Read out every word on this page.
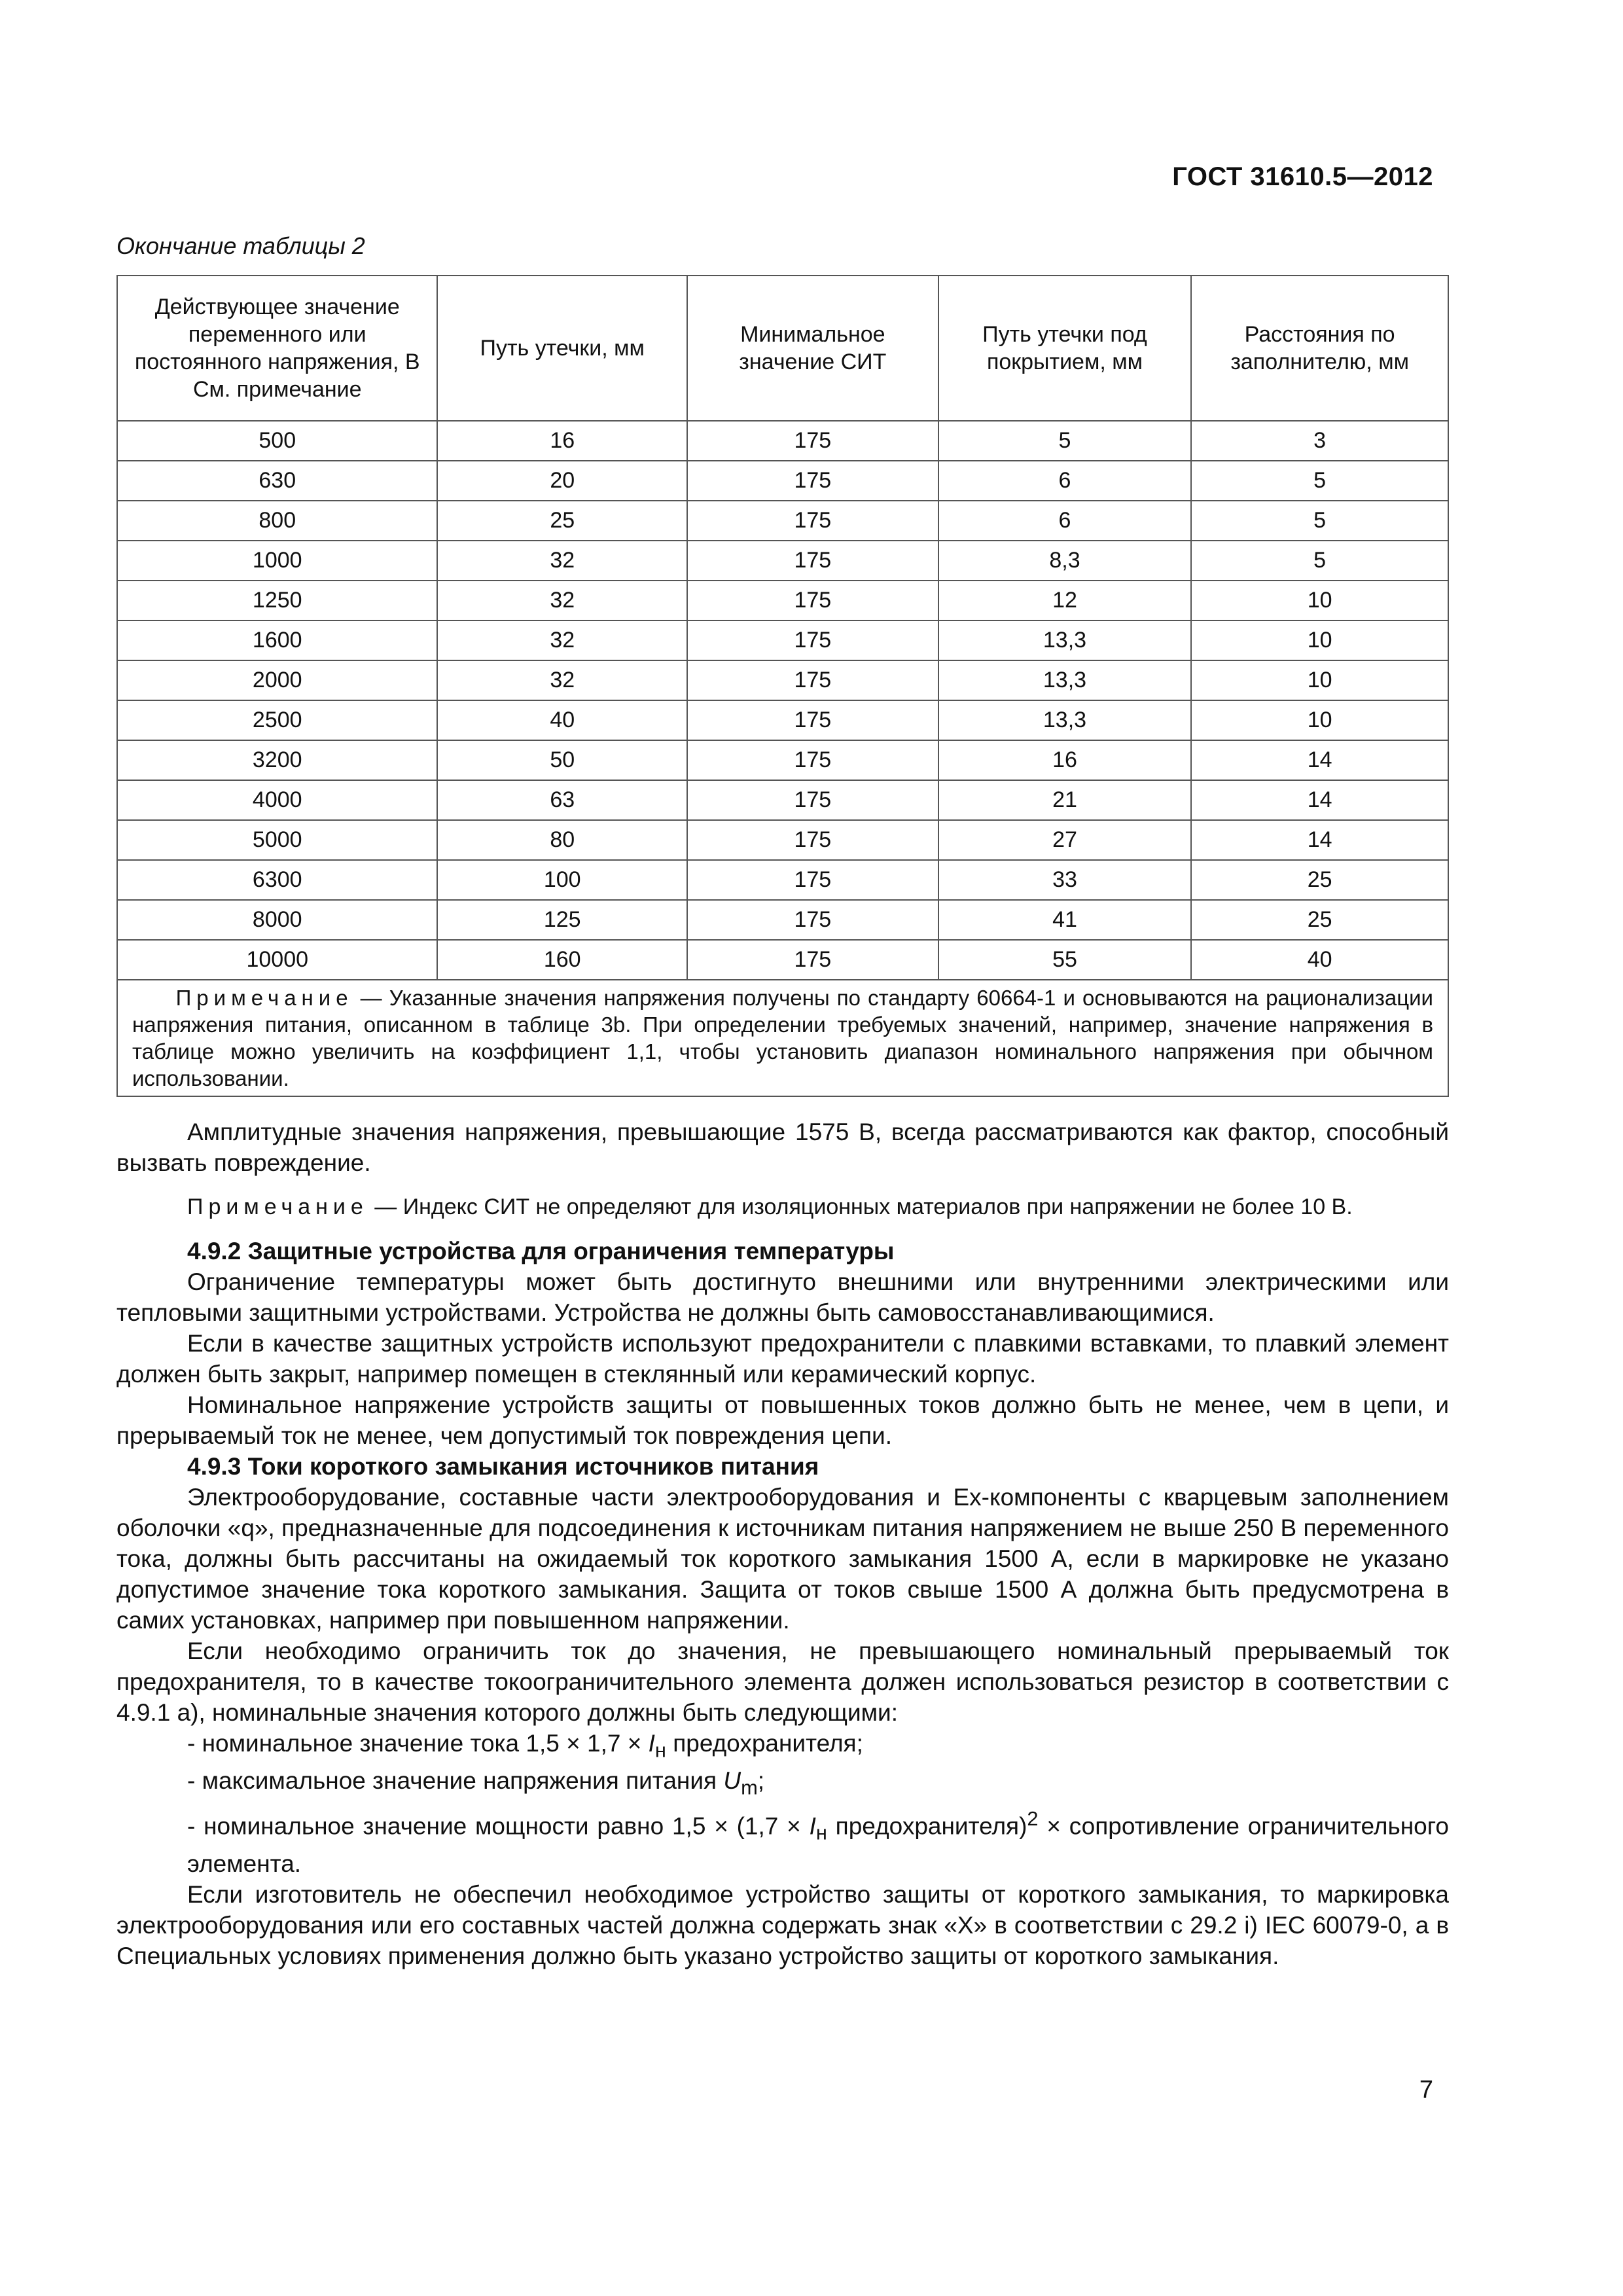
ГОСТ 31610.5—2012
Окончание таблицы 2
Действующее значение переменного или постоянного напряжения, В См. примечание	Путь утечки, мм	Минимальное значение СИТ	Путь утечки под покрытием, мм	Расстояния по заполнителю, мм
500	16	175	5	3
630	20	175	6	5
800	25	175	6	5
1000	32	175	8,3	5
1250	32	175	12	10
1600	32	175	13,3	10
2000	32	175	13,3	10
2500	40	175	13,3	10
3200	50	175	16	14
4000	63	175	21	14
5000	80	175	27	14
6300	100	175	33	25
8000	125	175	41	25
10000	160	175	55	40
Примечание — Указанные значения напряжения получены по стандарту 60664-1 и основываются на рационализации напряжения питания, описанном в таблице 3b. При определении требуемых значений, например, значение напряжения в таблице можно увеличить на коэффициент 1,1, чтобы установить диапазон номинального напряжения при обычном использовании.				

Амплитудные значения напряжения, превышающие 1575 В, всегда рассматриваются как фактор, способный вызвать повреждение.

Примечание — Индекс СИТ не определяют для изоляционных материалов при напряжении не более 10 В.

4.9.2 Защитные устройства для ограничения температуры

Ограничение температуры может быть достигнуто внешними или внутренними электрическими или тепловыми защитными устройствами. Устройства не должны быть самовосстанавливающимися.

Если в качестве защитных устройств используют предохранители с плавкими вставками, то плавкий элемент должен быть закрыт, например помещен в стеклянный или керамический корпус.

Номинальное напряжение устройств защиты от повышенных токов должно быть не менее, чем в цепи, и прерываемый ток не менее, чем допустимый ток повреждения цепи.

4.9.3 Токи короткого замыкания источников питания

Электрооборудование, составные части электрооборудования и Ex-компоненты с кварцевым заполнением оболочки «q», предназначенные для подсоединения к источникам питания напряжением не выше 250 В переменного тока, должны быть рассчитаны на ожидаемый ток короткого замыкания 1500 А, если в маркировке не указано допустимое значение тока короткого замыкания. Защита от токов свыше 1500 А должна быть предусмотрена в самих установках, например при повышенном напряжении.

Если необходимо ограничить ток до значения, не превышающего номинальный прерываемый ток предохранителя, то в качестве токоограничительного элемента должен использоваться резистор в соответствии с 4.9.1 а), номинальные значения которого должны быть следующими:

- номинальное значение тока $1,5 \times 1,7 \times I_н$ предохранителя;

- максимальное значение напряжения питания $U_m$;

- номинальное значение мощности равно $1,5 \times (1,7 \times I_н$ предохранителя)$^2$ × сопротивление ограничительного элемента.

Если изготовитель не обеспечил необходимое устройство защиты от короткого замыкания, то маркировка электрооборудования или его составных частей должна содержать знак «X» в соответствии с 29.2 i) IEC 60079-0, а в Специальных условиях применения должно быть указано устройство защиты от короткого замыкания.

7
